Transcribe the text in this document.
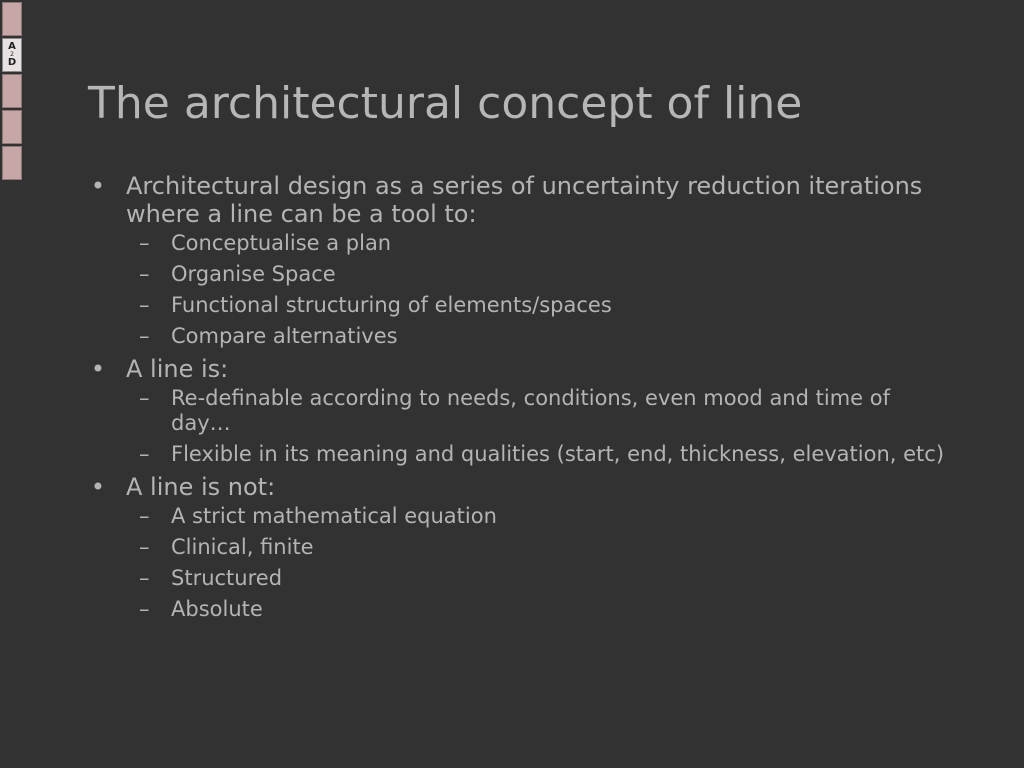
A
2
D
The architectural concept of line
• Architectural design as a series of uncertainty reduction iterations where a line can be a tool to:
– Conceptualise a plan
– Organise Space
– Functional structuring of elements/spaces
– Compare alternatives
• A line is:
– Re-definable according to needs, conditions, even mood and time of day…
– Flexible in its meaning and qualities (start, end, thickness, elevation, etc)
• A line is not:
– A strict mathematical equation
– Clinical, finite
– Structured
– Absolute
